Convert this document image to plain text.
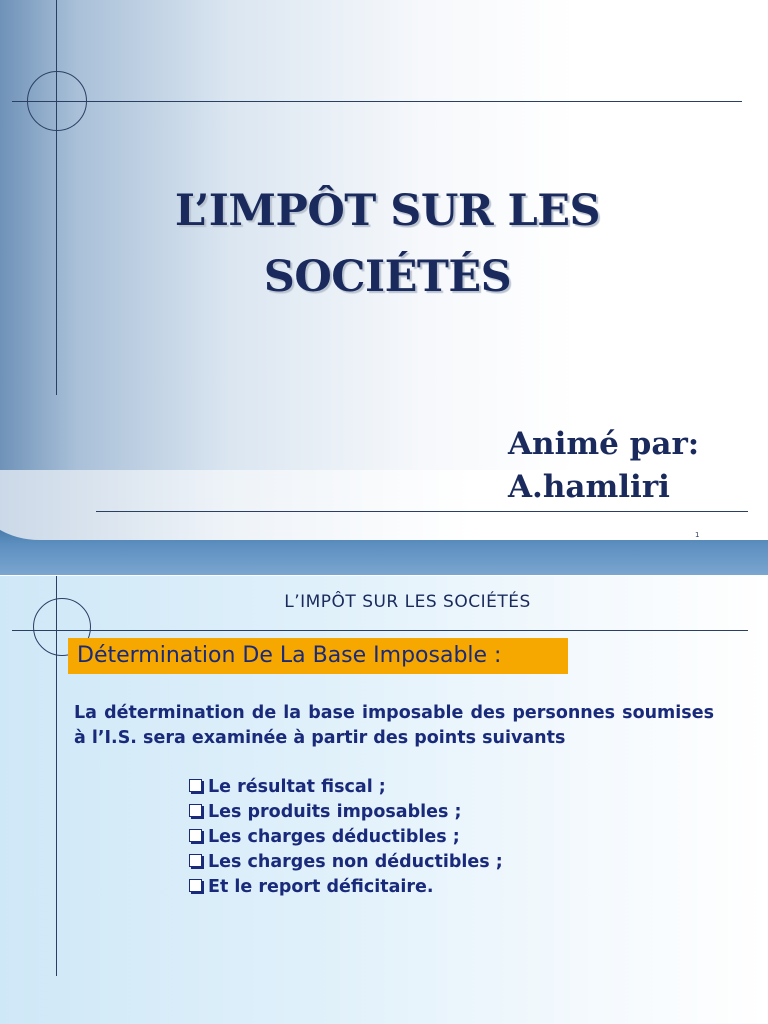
L’IMPÔT SUR LES
SOCIÉTÉS
Animé par:
A.hamliri
1
L’IMPÔT SUR LES SOCIÉTÉS
Détermination De La Base Imposable :
La détermination de la base imposable des personnes soumises à l’I.S. sera examinée à partir des points suivants
Le résultat fiscal ;
Les produits imposables ;
Les charges déductibles ;
Les charges non déductibles ;
Et le report déficitaire.
